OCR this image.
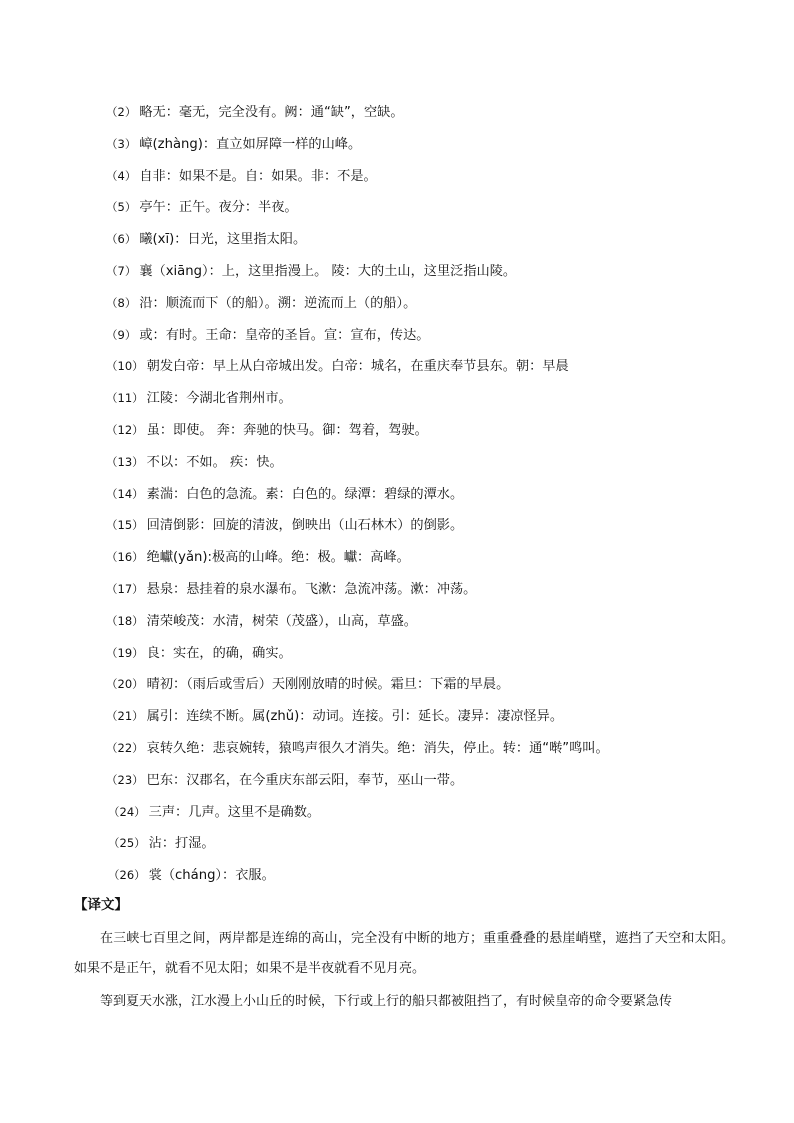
（2） 略无：毫无，完全没有。阙：通“缺”，空缺。
（3） 嶂(zhàng)：直立如屏障一样的山峰。
（4） 自非：如果不是。自：如果。非：不是。
（5） 亭午：正午。夜分：半夜。
（6） 曦(xī)：日光，这里指太阳。
（7） 襄（xiāng）：上，这里指漫上。 陵：大的土山，这里泛指山陵。
（8） 沿：顺流而下（的船）。溯：逆流而上（的船）。
（9） 或：有时。王命：皇帝的圣旨。宣：宣布，传达。
（10） 朝发白帝：早上从白帝城出发。白帝：城名，在重庆奉节县东。朝：早晨
（11） 江陵：今湖北省荆州市。
（12） 虽：即使。 奔：奔驰的快马。御：驾着，驾驶。
（13） 不以：不如。 疾：快。
（14） 素湍：白色的急流。素：白色的。绿潭：碧绿的潭水。
（15） 回清倒影：回旋的清波，倒映出（山石林木）的倒影。
（16） 绝巘(yǎn):极高的山峰。绝：极。巘：高峰。
（17） 悬泉：悬挂着的泉水瀑布。飞漱：急流冲荡。漱：冲荡。
（18） 清荣峻茂：水清，树荣（茂盛），山高，草盛。
（19） 良：实在，的确，确实。
（20） 晴初：（雨后或雪后）天刚刚放晴的时候。霜旦：下霜的早晨。
（21） 属引：连续不断。属(zhǔ)：动词。连接。引：延长。凄异：凄凉怪异。
（22） 哀转久绝：悲哀婉转，猿鸣声很久才消失。绝：消失，停止。转：通“啭”鸣叫。
（23） 巴东：汉郡名，在今重庆东部云阳，奉节，巫山一带。
（24） 三声：几声。这里不是确数。
（25） 沾：打湿。
（26） 裳（cháng）：衣服。
【译文】

在三峡七百里之间，两岸都是连绵的高山，完全没有中断的地方；重重叠叠的悬崖峭壁，遮挡了天空和太阳。如果不是正午，就看不见太阳；如果不是半夜就看不见月亮。

等到夏天水涨，江水漫上小山丘的时候，下行或上行的船只都被阻挡了，有时候皇帝的命令要紧急传
